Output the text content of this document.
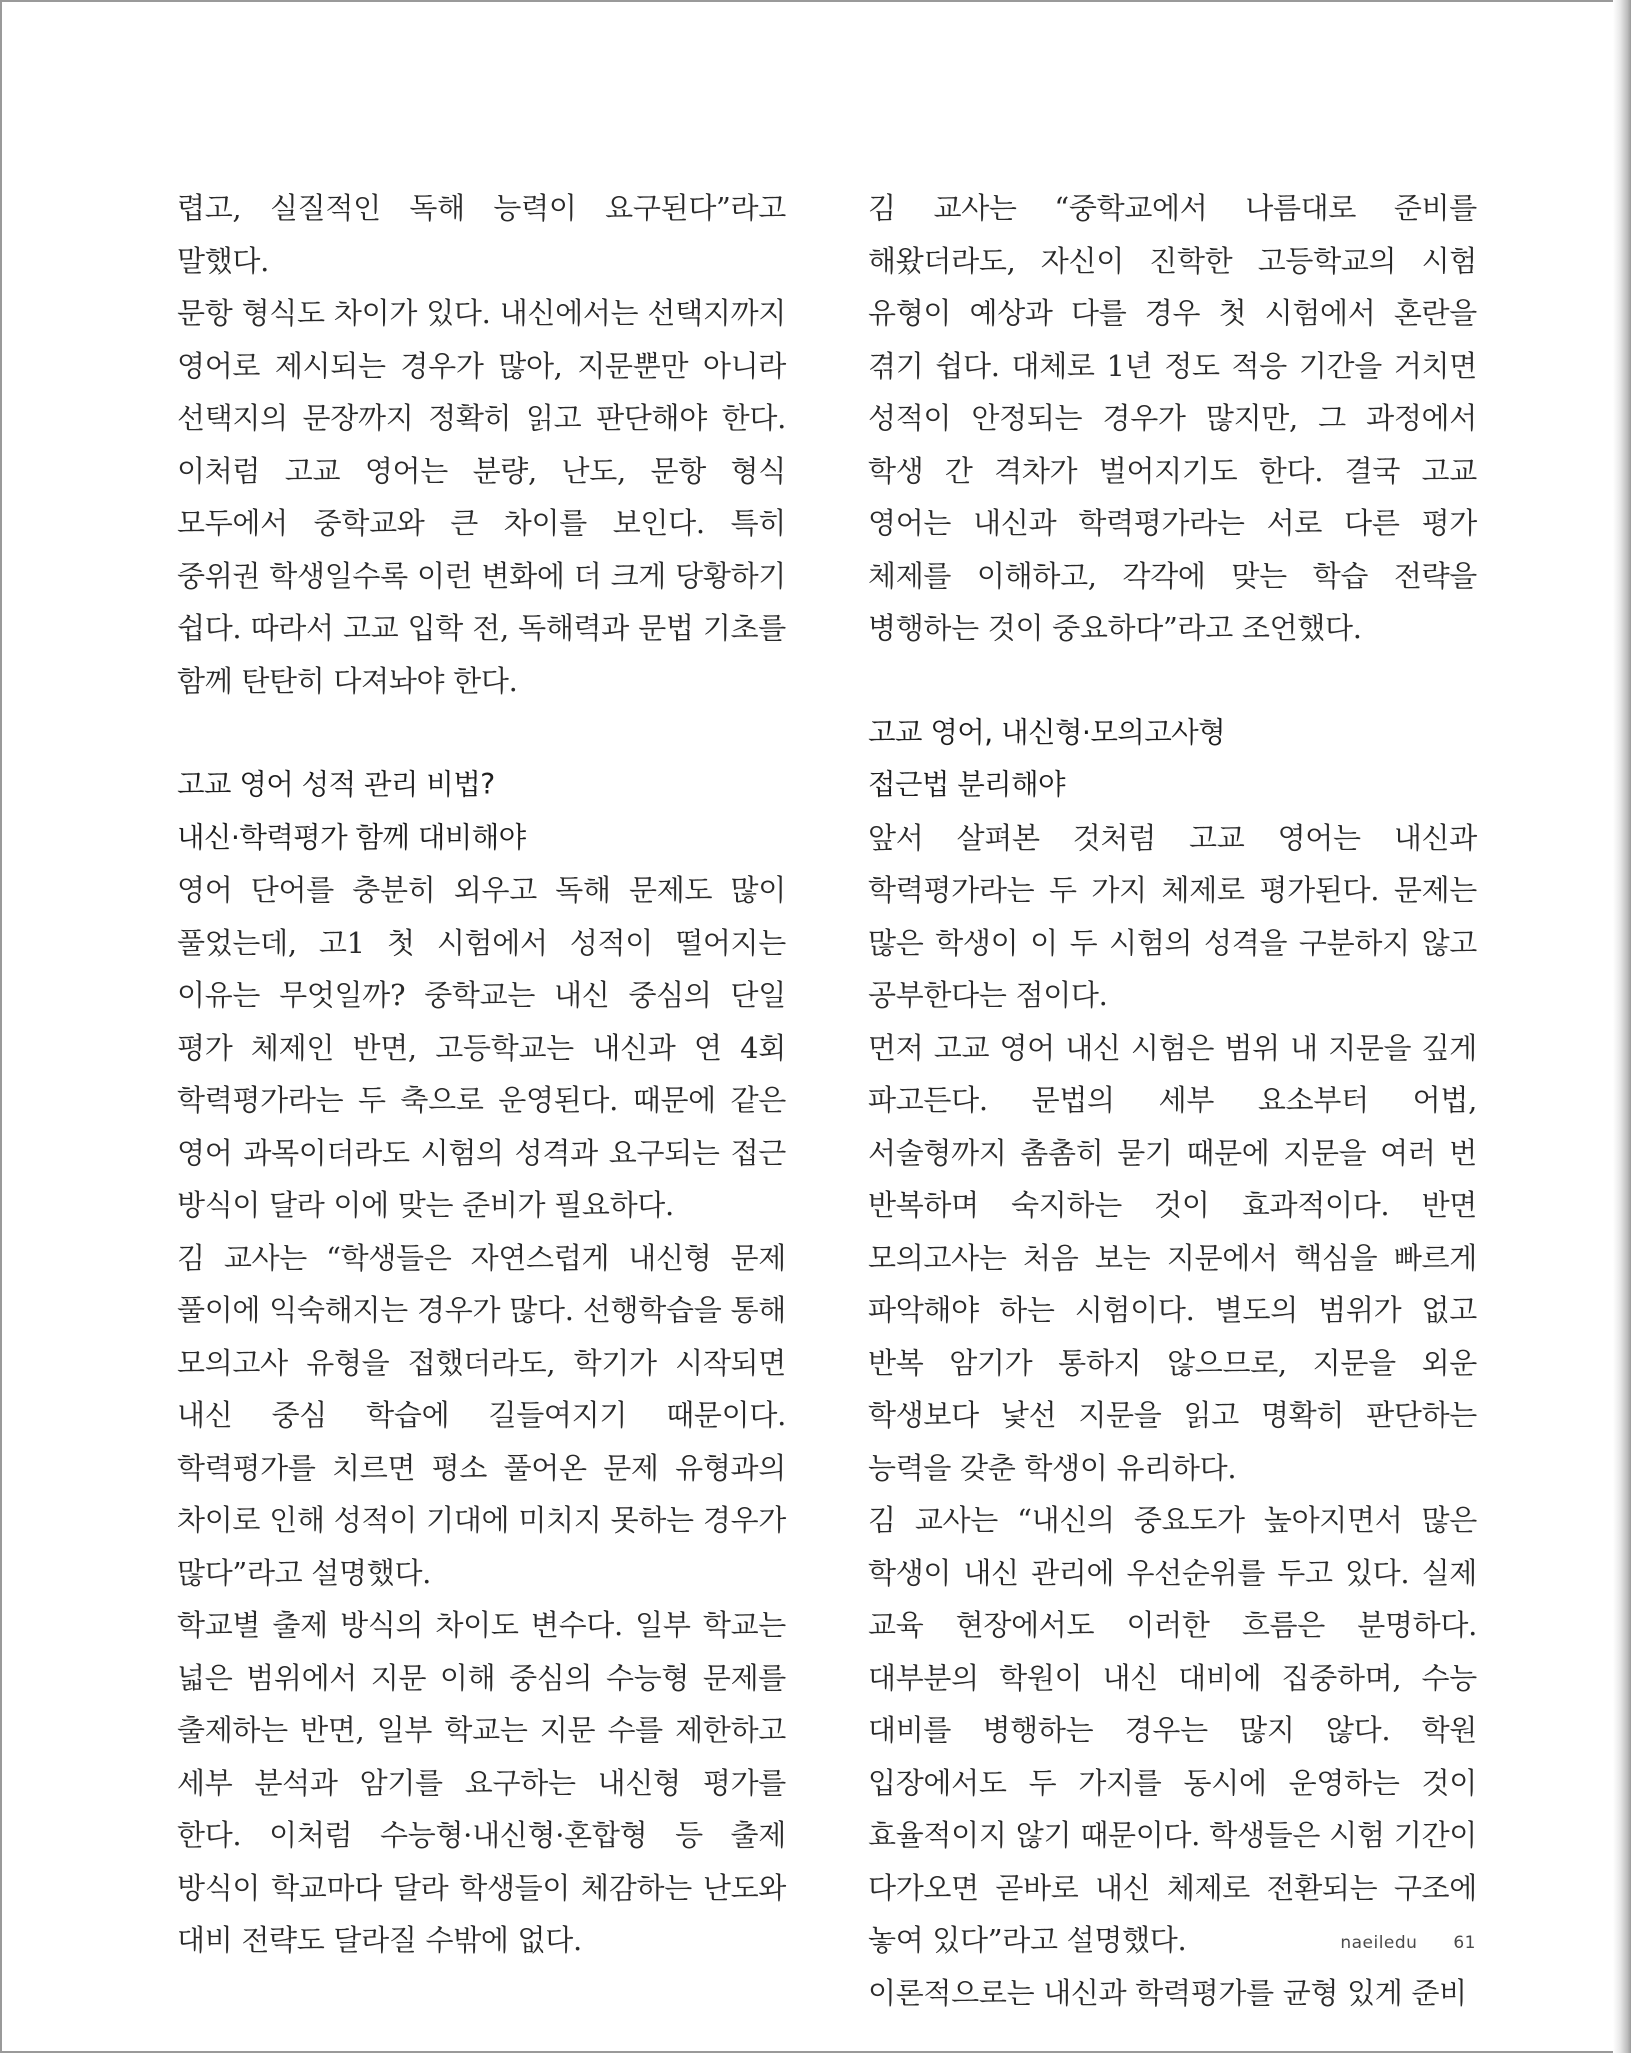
렵고, 실질적인 독해 능력이 요구된다”라고 말했다.

문항 형식도 차이가 있다. 내신에서는 선택지까지 영어로 제시되는 경우가 많아, 지문뿐만 아니라 선택지의 문장까지 정확히 읽고 판단해야 한다. 이처럼 고교 영어는 분량, 난도, 문항 형식 모두에서 중학교와 큰 차이를 보인다. 특히 중위권 학생일수록 이런 변화에 더 크게 당황하기 쉽다. 따라서 고교 입학 전, 독해력과 문법 기초를 함께 탄탄히 다져놔야 한다.

고교 영어 성적 관리 비법?

내신·학력평가 함께 대비해야

영어 단어를 충분히 외우고 독해 문제도 많이 풀었는데, 고1 첫 시험에서 성적이 떨어지는 이유는 무엇일까? 중학교는 내신 중심의 단일 평가 체제인 반면, 고등학교는 내신과 연 4회 학력평가라는 두 축으로 운영된다. 때문에 같은 영어 과목이더라도 시험의 성격과 요구되는 접근 방식이 달라 이에 맞는 준비가 필요하다.

김 교사는 “학생들은 자연스럽게 내신형 문제 풀이에 익숙해지는 경우가 많다. 선행학습을 통해 모의고사 유형을 접했더라도, 학기가 시작되면 내신 중심 학습에 길들여지기 때문이다. 학력평가를 치르면 평소 풀어온 문제 유형과의 차이로 인해 성적이 기대에 미치지 못하는 경우가 많다”라고 설명했다.

학교별 출제 방식의 차이도 변수다. 일부 학교는 넓은 범위에서 지문 이해 중심의 수능형 문제를 출제하는 반면, 일부 학교는 지문 수를 제한하고 세부 분석과 암기를 요구하는 내신형 평가를 한다. 이처럼 수능형·내신형·혼합형 등 출제 방식이 학교마다 달라 학생들이 체감하는 난도와 대비 전략도 달라질 수밖에 없다.

김 교사는 “중학교에서 나름대로 준비를 해왔더라도, 자신이 진학한 고등학교의 시험 유형이 예상과 다를 경우 첫 시험에서 혼란을 겪기 쉽다. 대체로 1년 정도 적응 기간을 거치면 성적이 안정되는 경우가 많지만, 그 과정에서 학생 간 격차가 벌어지기도 한다. 결국 고교 영어는 내신과 학력평가라는 서로 다른 평가 체제를 이해하고, 각각에 맞는 학습 전략을 병행하는 것이 중요하다”라고 조언했다.

고교 영어, 내신형·모의고사형

접근법 분리해야

앞서 살펴본 것처럼 고교 영어는 내신과 학력평가라는 두 가지 체제로 평가된다. 문제는 많은 학생이 이 두 시험의 성격을 구분하지 않고 공부한다는 점이다.

먼저 고교 영어 내신 시험은 범위 내 지문을 깊게 파고든다. 문법의 세부 요소부터 어법, 서술형까지 촘촘히 묻기 때문에 지문을 여러 번 반복하며 숙지하는 것이 효과적이다. 반면 모의고사는 처음 보는 지문에서 핵심을 빠르게 파악해야 하는 시험이다. 별도의 범위가 없고 반복 암기가 통하지 않으므로, 지문을 외운 학생보다 낯선 지문을 읽고 명확히 판단하는 능력을 갖춘 학생이 유리하다.

김 교사는 “내신의 중요도가 높아지면서 많은 학생이 내신 관리에 우선순위를 두고 있다. 실제 교육 현장에서도 이러한 흐름은 분명하다. 대부분의 학원이 내신 대비에 집중하며, 수능 대비를 병행하는 경우는 많지 않다. 학원 입장에서도 두 가지를 동시에 운영하는 것이 효율적이지 않기 때문이다. 학생들은 시험 기간이 다가오면 곧바로 내신 체제로 전환되는 구조에 놓여 있다”라고 설명했다.

이론적으로는 내신과 학력평가를 균형 있게 준비

naeiledu 61
